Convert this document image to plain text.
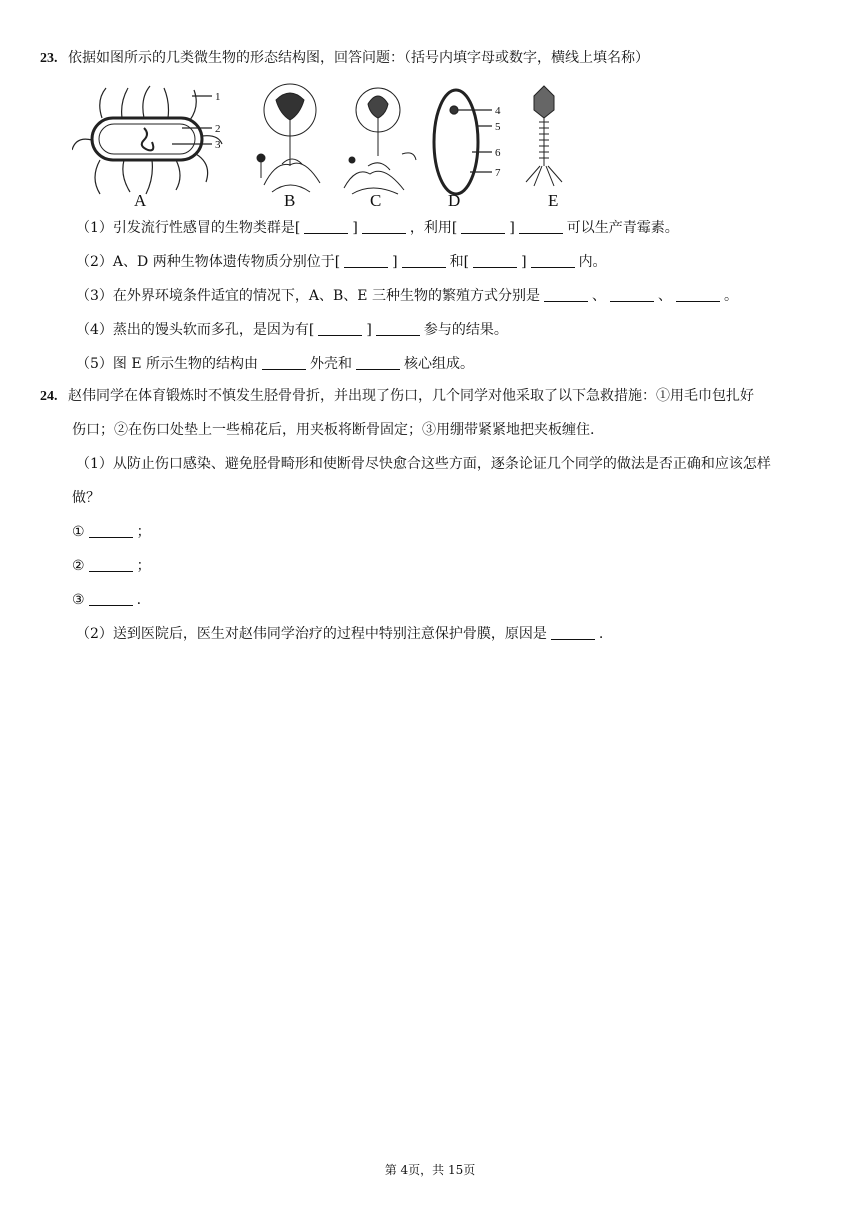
23. 依据如图所示的几类微生物的形态结构图，回答问题：（括号内填字母或数字，横线上填名称）
1
2
3
4
5
6
7
A	B	C	D	E
（1）引发流行性感冒的生物类群是[	]	，利用[	]	可以生产青霉素。
（2）A、D 两种生物体遗传物质分别位于[	]	和[	]	内。
（3）在外界环境条件适宜的情况下，A、B、E 三种生物的繁殖方式分别是	、	、	。
（4）蒸出的馒头软而多孔，是因为有[	]	参与的结果。
（5）图 E 所示生物的结构由	外壳和	核心组成。
24. 赵伟同学在体育锻炼时不慎发生胫骨骨折，并出现了伤口，几个同学对他采取了以下急救措施：①用毛巾包扎好
伤口；②在伤口处垫上一些棉花后，用夹板将断骨固定；③用绷带紧紧地把夹板缠住.
（1）从防止伤口感染、避免胫骨畸形和使断骨尽快愈合这些方面，逐条论证几个同学的做法是否正确和应该怎样
做？
①	；
②	；
③	.
（2）送到医院后，医生对赵伟同学治疗的过程中特别注意保护骨膜，原因是	.
第 4页，共 15页
